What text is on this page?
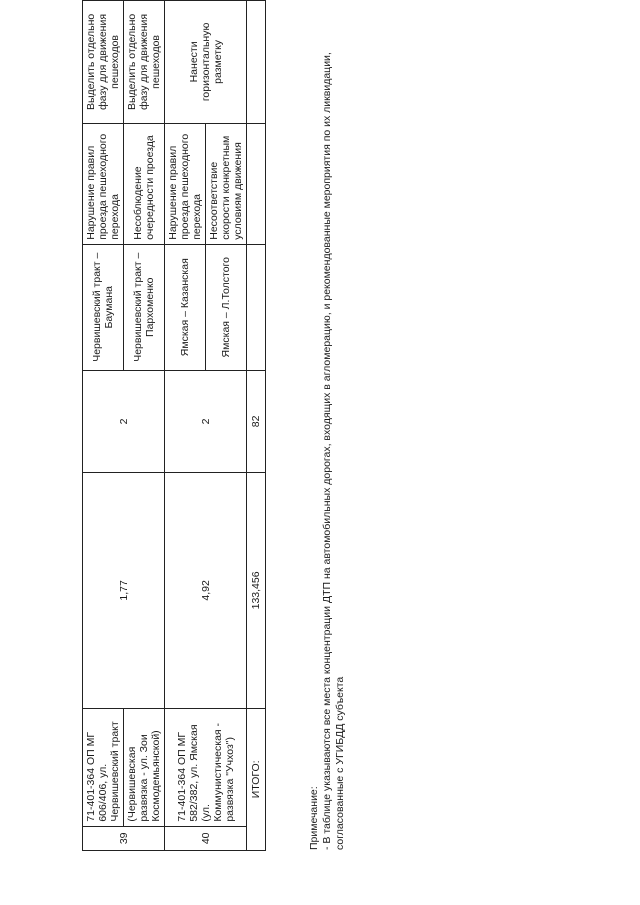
39	71-401-364 ОП МГ 606/406, ул. Червишевский тракт	1,77	2	Червишевский тракт – Баумана	Нарушение правил проезда пешеходного перехода	Выделить отдельно фазу для движения пешеходов
	(Червишевская развязка - ул. Зои Космодемьянской)			Червишевский тракт – Пархоменко	Несоблюдение очередности проезда	Выделить отдельно фазу для движения пешеходов
40	71-401-364 ОП МГ 582/382, ул. Ямская (ул. Коммунистическая - развязка "Учхоз")	4,92	2	Ямская – Казанская	Нарушение правил проезда пешеходного перехода	Нанести горизонтальную разметку
				Ямская – Л.Толстого	Несоответствие скорости конкретным условиям движения	
ИТОГО:		133,456	82			
Примечание: - В таблице указываются все места концентрации ДТП на автомобильных дорогах, входящих в агломерацию, и рекомендованные мероприятия по их ликвидации, согласованные с УГИБДД субъекта
